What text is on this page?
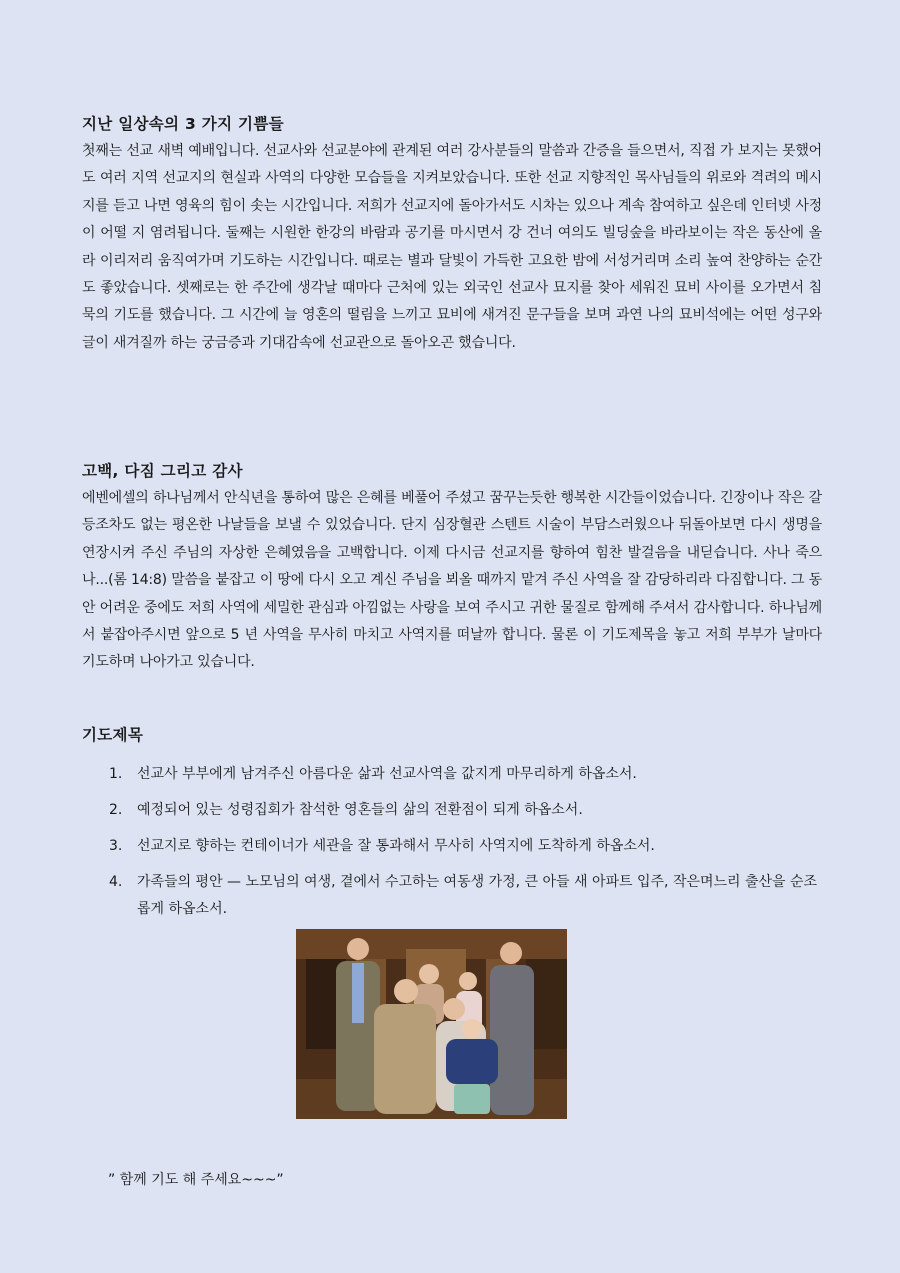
지난 일상속의 3 가지 기쁨들

첫째는 선교 새벽 예배입니다. 선교사와 선교분야에 관계된 여러 강사분들의 말씀과 간증을 들으면서, 직접 가 보지는 못했어도 여러 지역 선교지의 현실과 사역의 다양한 모습들을 지켜보았습니다. 또한 선교 지향적인 목사님들의 위로와 격려의 메시지를 듣고 나면 영육의 힘이 솟는 시간입니다. 저희가 선교지에 돌아가서도 시차는 있으나 계속 참여하고 싶은데 인터넷 사정이 어떨 지 염려됩니다. 둘째는 시원한 한강의 바람과 공기를 마시면서 강 건너 여의도 빌딩숲을 바라보이는 작은 동산에 올라 이리저리 움직여가며 기도하는 시간입니다. 때로는 별과 달빛이 가득한 고요한 밤에 서성거리며 소리 높여 찬양하는 순간도 좋았습니다. 셋째로는 한 주간에 생각날 때마다 근처에 있는 외국인 선교사 묘지를 찾아 세워진 묘비 사이를 오가면서 침묵의 기도를 했습니다. 그 시간에 늘 영혼의 떨림을 느끼고 묘비에 새겨진 문구들을 보며 과연 나의 묘비석에는 어떤 성구와 글이 새겨질까 하는 궁금증과 기대감속에 선교관으로 돌아오곤 했습니다.

고백, 다짐 그리고 감사

에벤에셀의 하나님께서 안식년을 통하여 많은 은혜를 베풀어 주셨고 꿈꾸는듯한 행복한 시간들이었습니다. 긴장이나 작은 갈등조차도 없는 평온한 나날들을 보낼 수 있었습니다. 단지 심장혈관 스텐트 시술이 부담스러웠으나 뒤돌아보면 다시 생명을 연장시켜 주신 주님의 자상한 은혜였음을 고백합니다. 이제 다시금 선교지를 향하여 힘찬 발걸음을 내딛습니다. 사나 죽으나...(롬 14:8) 말씀을 붙잡고 이 땅에 다시 오고 계신 주님을 뵈올 때까지 맡겨 주신 사역을 잘 감당하리라 다짐합니다. 그 동안 어려운 중에도 저희 사역에 세밀한 관심과 아낌없는 사랑을 보여 주시고 귀한 물질로 함께해 주셔서 감사합니다. 하나님께서 붙잡아주시면 앞으로 5 년 사역을 무사히 마치고 사역지를 떠날까 합니다. 물론 이 기도제목을 놓고 저희 부부가 날마다 기도하며 나아가고 있습니다.

기도제목
1.	선교사 부부에게 남겨주신 아름다운 삶과 선교사역을 값지게 마무리하게 하옵소서.
2.	예정되어 있는 성령집회가 참석한 영혼들의 삶의 전환점이 되게 하옵소서.
3.	선교지로 향하는 컨테이너가 세관을 잘 통과해서 무사히 사역지에 도착하게 하옵소서.
4.	가족들의 평안 — 노모님의 여생, 곁에서 수고하는 여동생 가정, 큰 아들 새 아파트 입주, 작은며느리 출산을 순조롭게 하옵소서.
” 함께 기도 해 주세요~~~”
